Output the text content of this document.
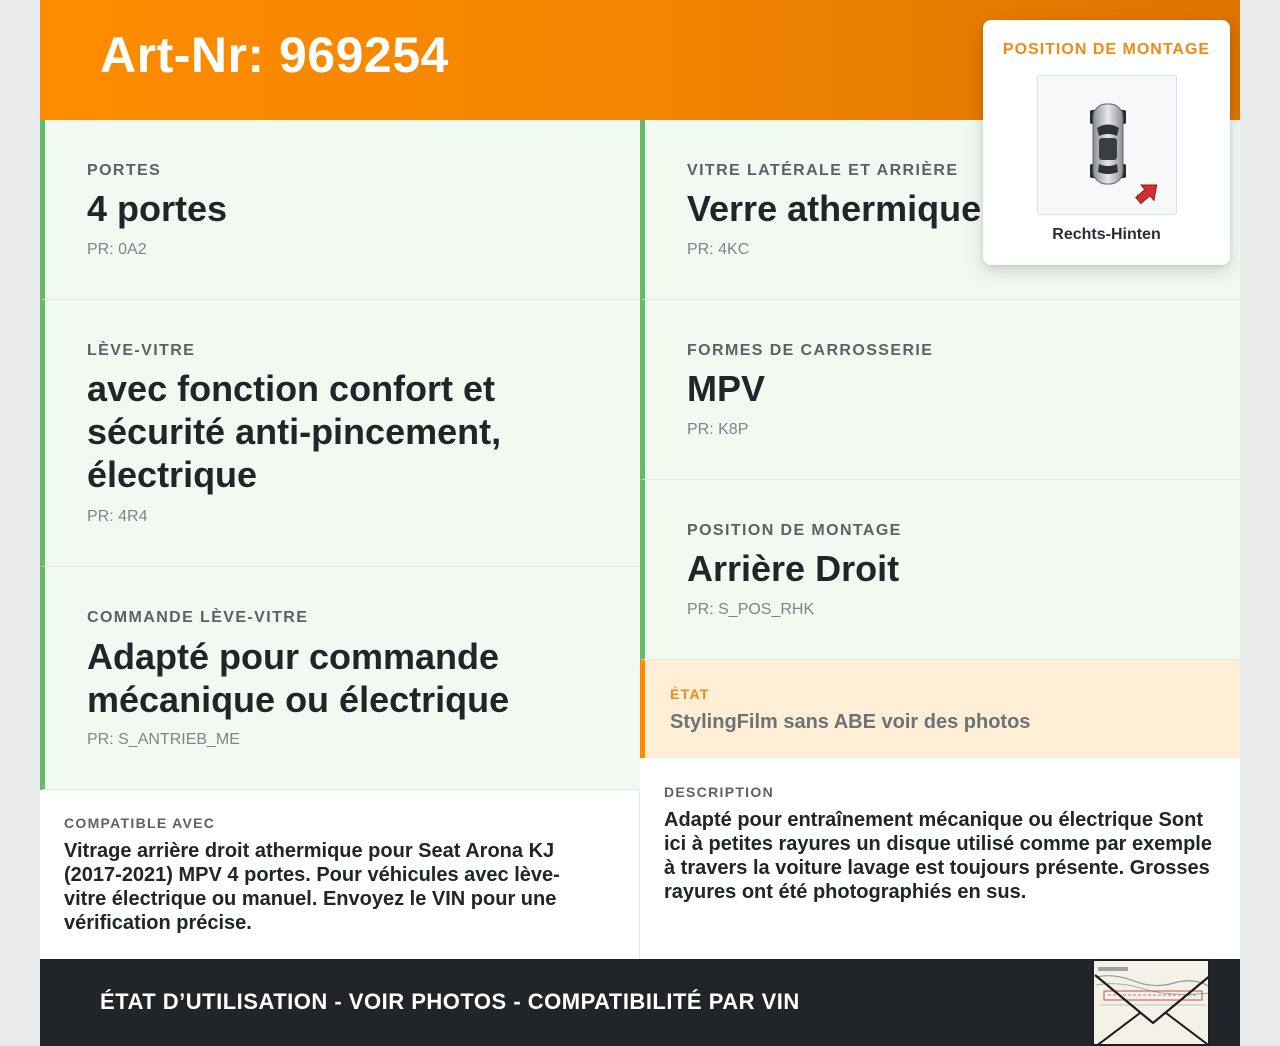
Art-Nr: 969254
PORTES
4 portes
PR: 0A2
LÈVE-VITRE
avec fonction confort et
sécurité anti-pincement,
électrique
PR: 4R4
COMMANDE LÈVE-VITRE
Adapté pour commande
mécanique ou électrique
PR: S_ANTRIEB_ME
VITRE LATÉRALE ET ARRIÈRE
Verre athermique
PR: 4KC
FORMES DE CARROSSERIE
MPV
PR: K8P
POSITION DE MONTAGE
Arrière Droit
PR: S_POS_RHK
ÉTAT
StylingFilm sans ABE voir des photos
COMPATIBLE AVEC
Vitrage arrière droit athermique pour Seat Arona KJ
(2017-2021) MPV 4 portes. Pour véhicules avec lève-
vitre électrique ou manuel. Envoyez le VIN pour une
vérification précise.
DESCRIPTION
Adapté pour entraînement mécanique ou électrique Sont
ici à petites rayures un disque utilisé comme par exemple
à travers la voiture lavage est toujours présente. Grosses
rayures ont été photographiés en sus.
ÉTAT D’UTILISATION - VOIR PHOTOS - COMPATIBILITÉ PAR VIN
POSITION DE MONTAGE
Rechts-Hinten
